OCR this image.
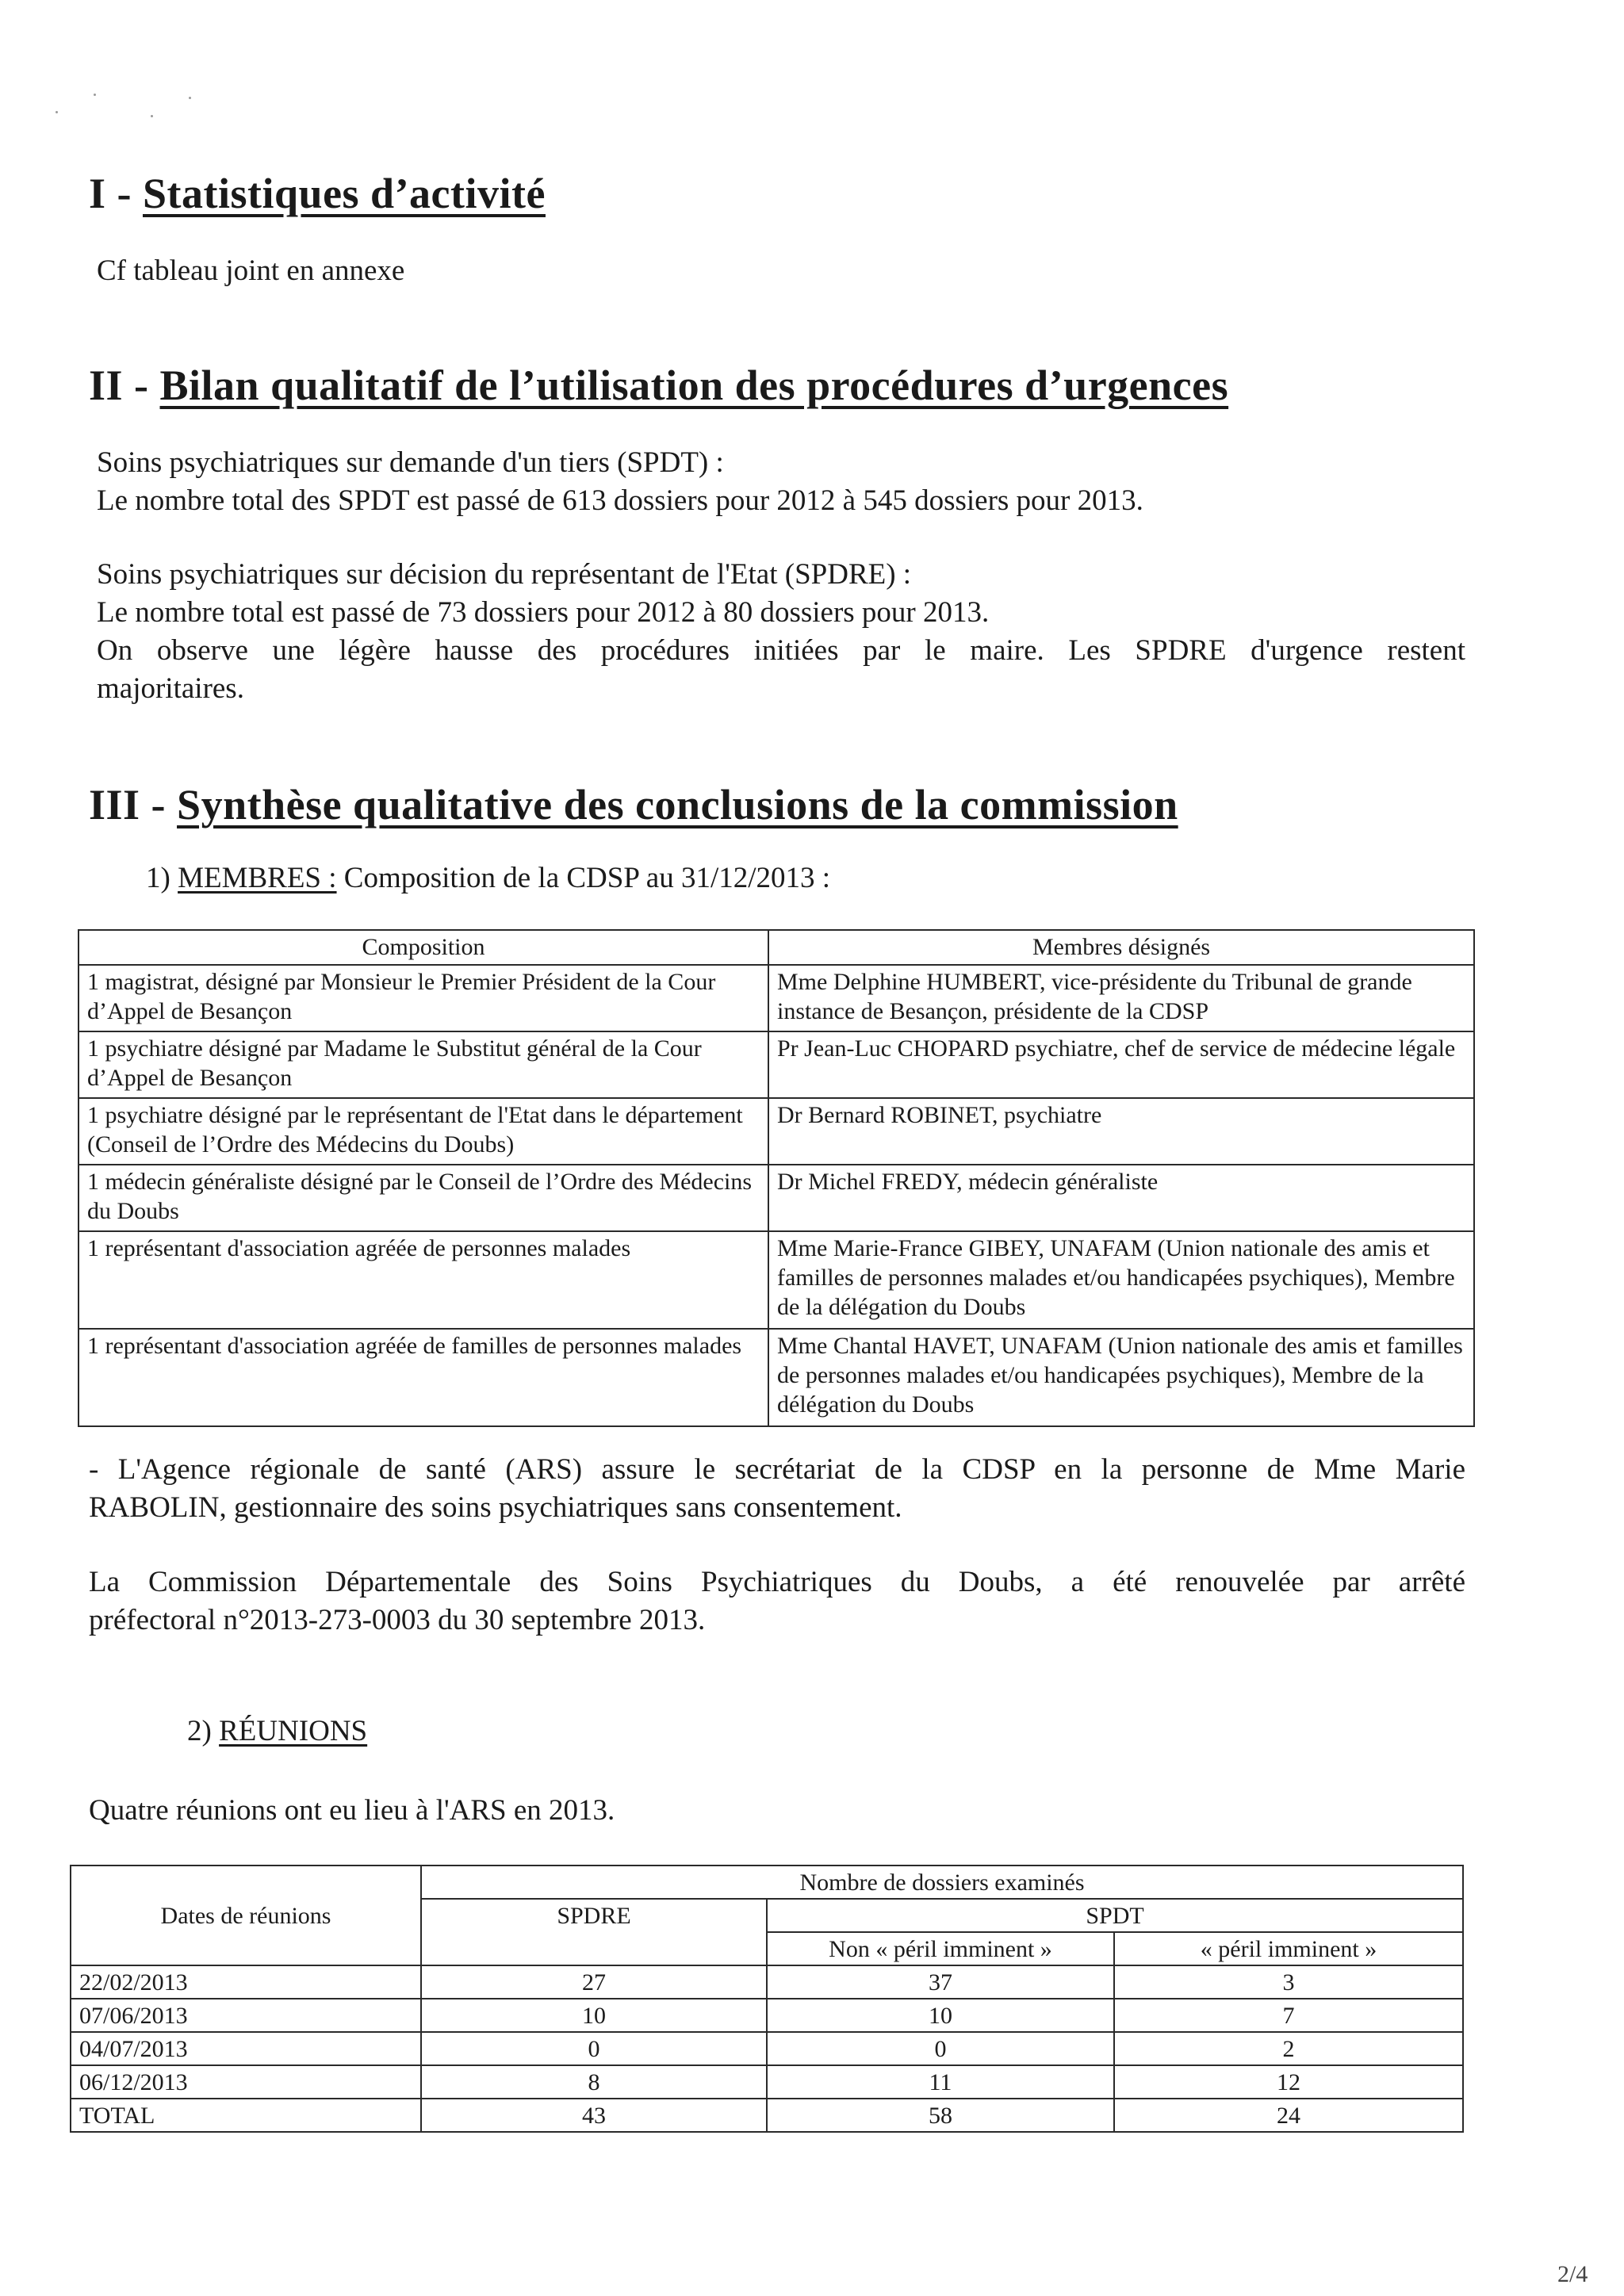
I - Statistiques d’activité
Cf tableau joint en annexe
II - Bilan qualitatif de l’utilisation des procédures d’urgences
Soins psychiatriques sur demande d'un tiers (SPDT) :
Le nombre total des SPDT est passé de 613 dossiers pour 2012 à 545 dossiers pour 2013.
Soins psychiatriques sur décision du représentant de l'Etat (SPDRE) :
Le nombre total est passé de 73 dossiers pour 2012 à 80 dossiers pour 2013.
On observe une légère hausse des procédures initiées par le maire. Les SPDRE d'urgence restent
majoritaires.
III - Synthèse qualitative des conclusions de la commission
1) MEMBRES : Composition de la CDSP au 31/12/2013 :
Composition	Membres désignés
1 magistrat, désigné par Monsieur le Premier Président de la Cour d’Appel de Besançon	Mme Delphine HUMBERT, vice-présidente du Tribunal de grande instance de Besançon, présidente de la CDSP
1 psychiatre désigné par Madame le Substitut général de la Cour d’Appel de Besançon	Pr Jean-Luc CHOPARD psychiatre, chef de service de médecine légale
1 psychiatre désigné par le représentant de l'Etat dans le département (Conseil de l’Ordre des Médecins du Doubs)	Dr Bernard ROBINET, psychiatre
1 médecin généraliste désigné par le Conseil de l’Ordre des Médecins du Doubs	Dr Michel FREDY, médecin généraliste
1 représentant d'association agréée de personnes malades	Mme Marie-France GIBEY, UNAFAM (Union nationale des amis et familles de personnes malades et/ou handicapées psychiques), Membre de la délégation du Doubs
1 représentant d'association agréée de familles de personnes malades	Mme Chantal HAVET, UNAFAM (Union nationale des amis et familles de personnes malades et/ou handicapées psychiques), Membre de la délégation du Doubs
- L'Agence régionale de santé (ARS) assure le secrétariat de la CDSP en la personne de Mme Marie
RABOLIN, gestionnaire des soins psychiatriques sans consentement.
La Commission Départementale des Soins Psychiatriques du Doubs, a été renouvelée par arrêté
préfectoral n°2013-273-0003 du 30 septembre 2013.
2) RÉUNIONS
Quatre réunions ont eu lieu à l'ARS en 2013.
Dates de réunions	Nombre de dossiers examinés		
	SPDRE	SPDT	
		Non « péril imminent »	« péril imminent »
22/02/2013	27	37	3
07/06/2013	10	10	7
04/07/2013	0	0	2
06/12/2013	8	11	12
TOTAL	43	58	24
2/4
